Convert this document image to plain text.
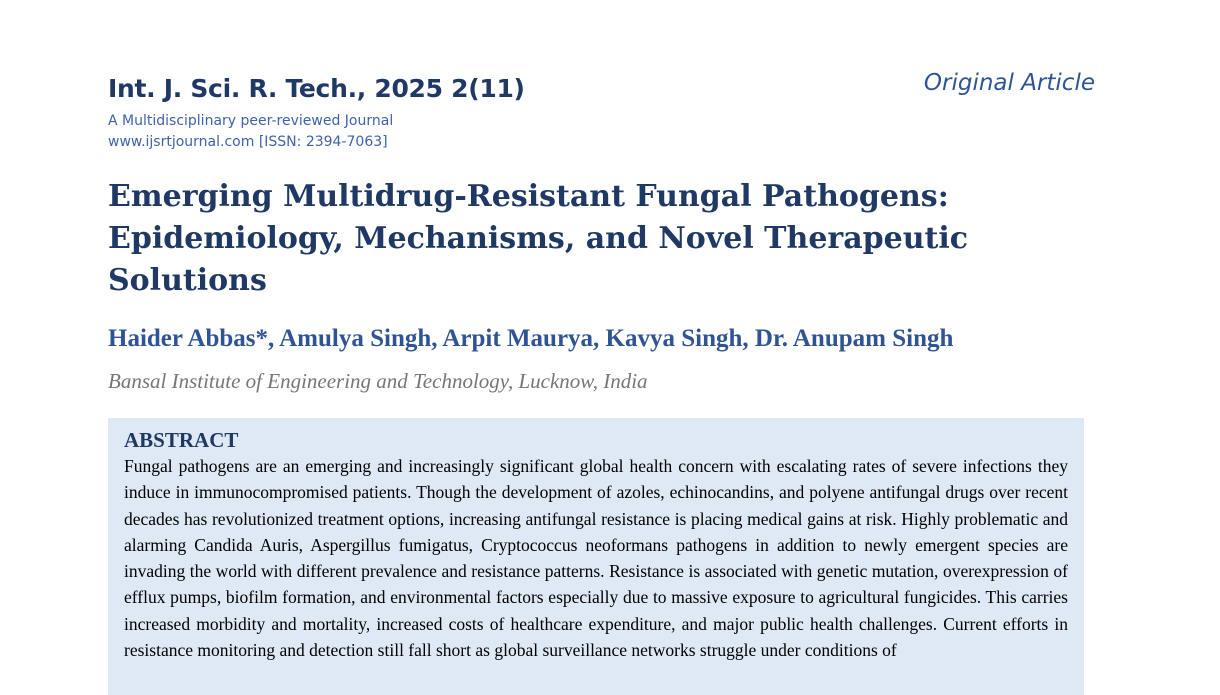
Int. J. Sci. R. Tech., 2025 2(11)	Original Article
A Multidisciplinary peer-reviewed Journal
www.ijsrtjournal.com [ISSN: 2394-7063]
Emerging Multidrug-Resistant Fungal Pathogens: Epidemiology, Mechanisms, and Novel Therapeutic Solutions
Haider Abbas*, Amulya Singh, Arpit Maurya, Kavya Singh, Dr. Anupam Singh
Bansal Institute of Engineering and Technology, Lucknow, India
ABSTRACT

Fungal pathogens are an emerging and increasingly significant global health concern with escalating rates of severe infections they induce in immunocompromised patients. Though the development of azoles, echinocandins, and polyene antifungal drugs over recent decades has revolutionized treatment options, increasing antifungal resistance is placing medical gains at risk. Highly problematic and alarming Candida Auris, Aspergillus fumigatus, Cryptococcus neoformans pathogens in addition to newly emergent species are invading the world with different prevalence and resistance patterns. Resistance is associated with genetic mutation, overexpression of efflux pumps, biofilm formation, and environmental factors especially due to massive exposure to agricultural fungicides. This carries increased morbidity and mortality, increased costs of healthcare expenditure, and major public health challenges. Current efforts in resistance monitoring and detection still fall short as global surveillance networks struggle under conditions of
